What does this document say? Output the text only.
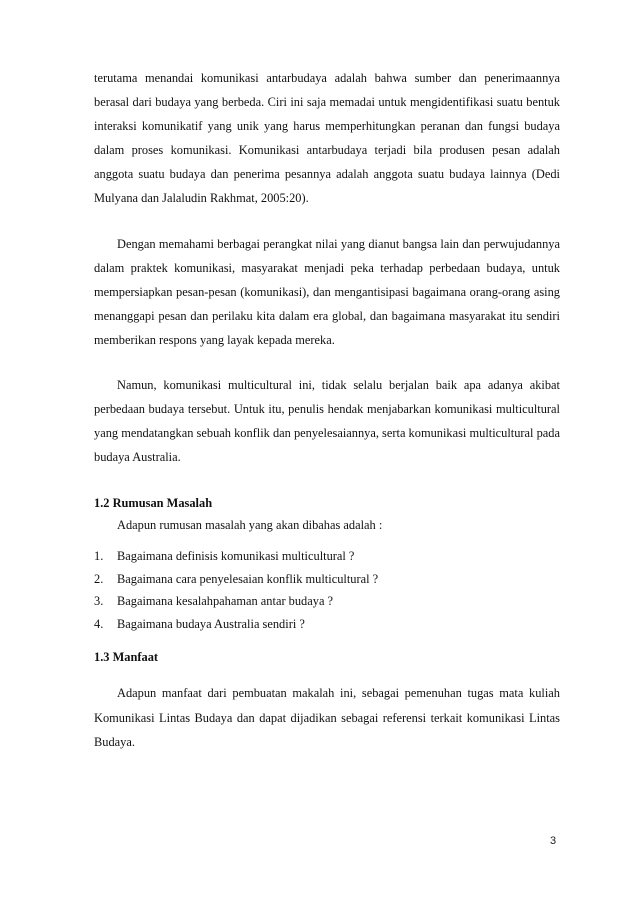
terutama menandai komunikasi antarbudaya adalah bahwa sumber dan penerimaannya berasal dari budaya yang berbeda. Ciri ini saja memadai untuk mengidentifikasi suatu bentuk interaksi komunikatif yang unik yang harus memperhitungkan peranan dan fungsi budaya dalam proses komunikasi. Komunikasi antarbudaya terjadi bila produsen pesan adalah anggota suatu budaya dan penerima pesannya adalah anggota suatu budaya lainnya (Dedi Mulyana dan Jalaludin Rakhmat, 2005:20).

Dengan memahami berbagai perangkat nilai yang dianut bangsa lain dan perwujudannya dalam praktek komunikasi, masyarakat menjadi peka terhadap perbedaan budaya, untuk mempersiapkan pesan-pesan (komunikasi), dan mengantisipasi bagaimana orang-orang asing menanggapi pesan dan perilaku kita dalam era global, dan bagaimana masyarakat itu sendiri memberikan respons yang layak kepada mereka.

Namun, komunikasi multicultural ini, tidak selalu berjalan baik apa adanya akibat perbedaan budaya tersebut. Untuk itu, penulis hendak menjabarkan komunikasi multicultural yang mendatangkan sebuah konflik dan penyelesaiannya, serta komunikasi multicultural pada budaya Australia.

1.2 Rumusan Masalah

Adapun rumusan masalah yang akan dibahas adalah :

1.	Bagaimana definisis komunikasi multicultural ?
2.	Bagaimana cara penyelesaian konflik multicultural ?
3.	Bagaimana kesalahpahaman antar budaya ?
4.	Bagaimana budaya Australia sendiri ?

1.3 Manfaat

Adapun manfaat dari pembuatan makalah ini, sebagai pemenuhan tugas mata kuliah Komunikasi Lintas Budaya dan dapat dijadikan sebagai referensi terkait komunikasi Lintas Budaya.

3
